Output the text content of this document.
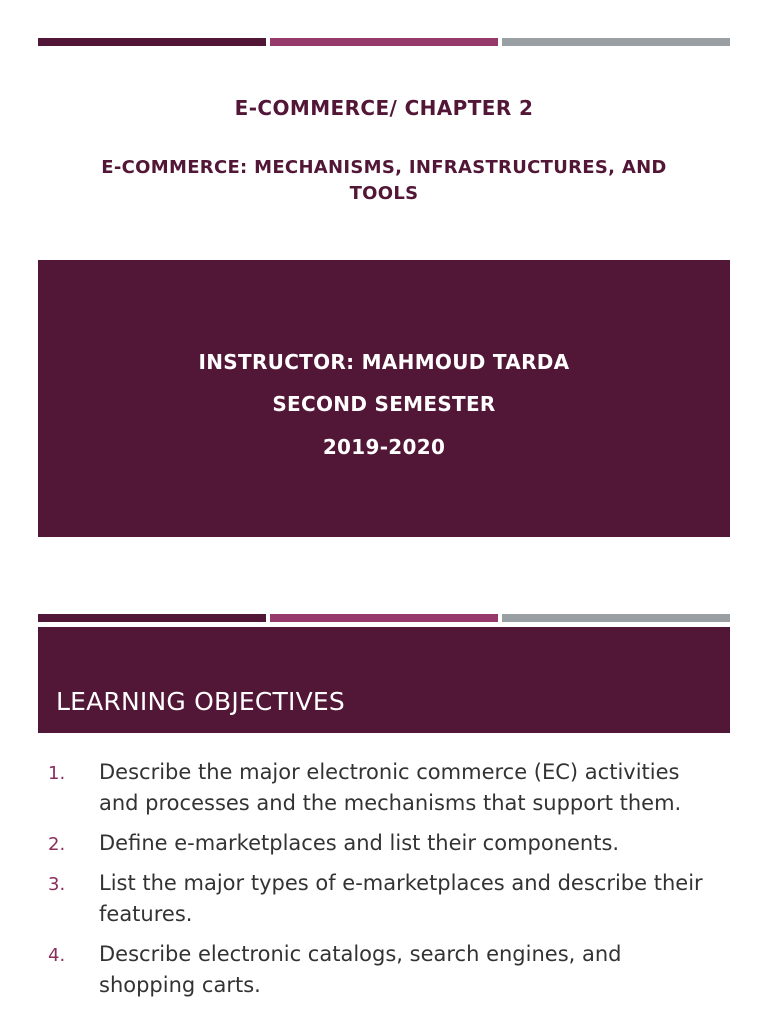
E-COMMERCE/ CHAPTER 2
E-COMMERCE: MECHANISMS, INFRASTRUCTURES, AND
TOOLS
INSTRUCTOR: MAHMOUD TARDA
SECOND SEMESTER
2019-2020
LEARNING OBJECTIVES
1. Describe the major electronic commerce (EC) activities and processes and the mechanisms that support them.
2. Define e-marketplaces and list their components.
3. List the major types of e-marketplaces and describe their features.
4. Describe electronic catalogs, search engines, and shopping carts.
